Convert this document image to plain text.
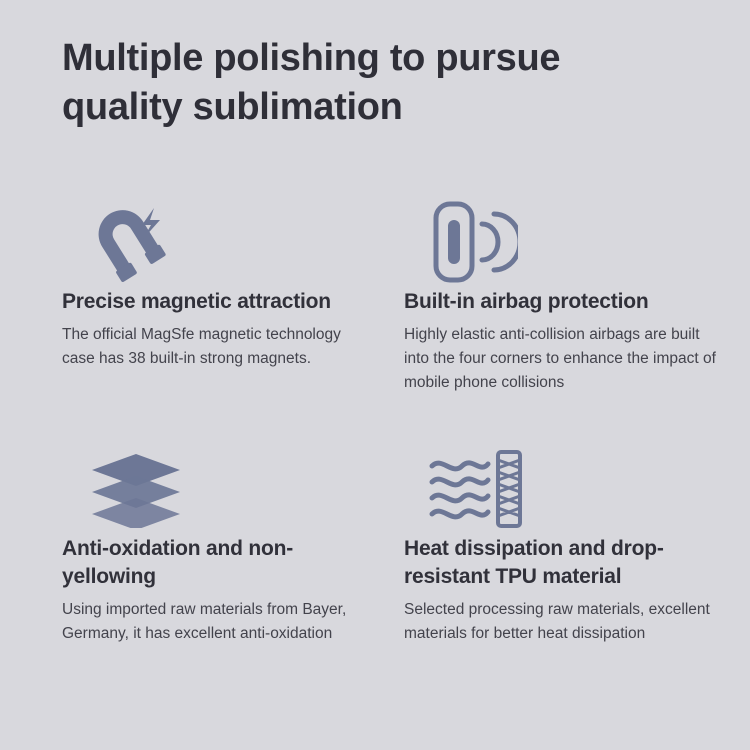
Multiple polishing to pursue
quality sublimation

Precise magnetic attraction

The official MagSfe magnetic technology case has 38 built-in strong magnets.

Built-in airbag protection

Highly elastic anti-collision airbags are built into the four corners to enhance the impact of mobile phone collisions

Anti-oxidation and non-yellowing

Using imported raw materials from Bayer, Germany, it has excellent anti-oxidation

Heat dissipation and drop-resistant TPU material

Selected processing raw materials, excellent materials for better heat dissipation
